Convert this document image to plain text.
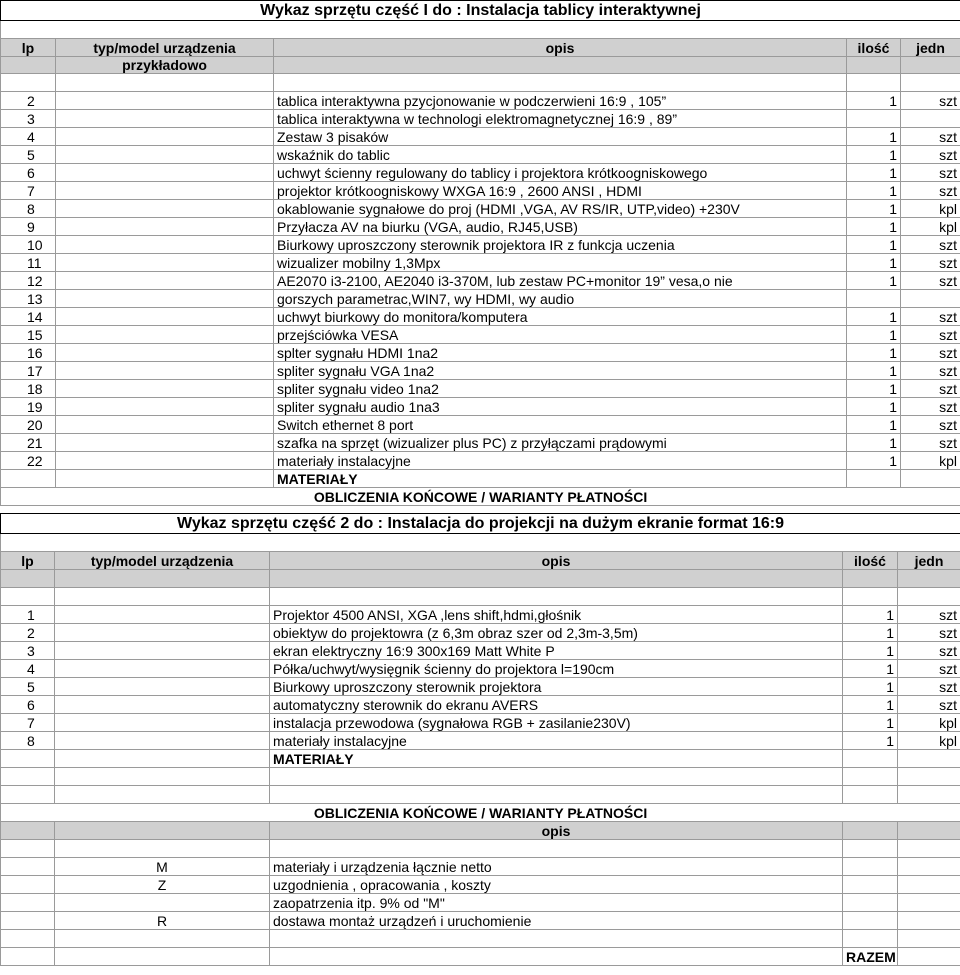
Wykaz sprzętu część I do : Instalacja tablicy interaktywnej				

lp	typ/model urządzenia	opis	ilość	jedn
	przykładowo			

2		tablica interaktywna pzycjonowanie w podczerwieni 16:9 , 105”	1	szt
3		tablica interaktywna w technologi elektromagnetycznej 16:9 , 89”		
4		Zestaw 3 pisaków	1	szt
5		wskaźnik do tablic	1	szt
6		uchwyt ścienny regulowany do tablicy i projektora krótkoogniskowego	1	szt
7		projektor krótkoogniskowy WXGA 16:9 , 2600 ANSI , HDMI	1	szt
8		okablowanie sygnałowe do proj (HDMI ,VGA, AV RS/IR, UTP,video) +230V	1	kpl
9		Przyłacza AV na biurku (VGA, audio, RJ45,USB)	1	kpl
10		Biurkowy uproszczony sterownik projektora IR z funkcja uczenia	1	szt
11		wizualizer mobilny 1,3Mpx	1	szt
12		AE2070 i3-2100, AE2040 i3-370M, lub zestaw PC+monitor 19” vesa,o nie	1	szt
13		gorszych parametrac,WIN7, wy HDMI, wy audio		
14		uchwyt biurkowy do monitora/komputera	1	szt
15		przejściówka VESA	1	szt
16		splter sygnału HDMI 1na2	1	szt
17		spliter sygnału VGA 1na2	1	szt
18		spliter sygnału video 1na2	1	szt
19		spliter sygnału audio 1na3	1	szt
20		Switch ethernet 8 port	1	szt
21		szafka na sprzęt (wizualizer plus PC) z przyłączami prądowymi	1	szt
22		materiały instalacyjne	1	kpl
		MATERIAŁY		
OBLICZENIA KOŃCOWE / WARIANTY PŁATNOŚCI				
Wykaz sprzętu część 2 do : Instalacja do projekcji na dużym ekranie format 16:9				

lp	typ/model urządzenia	opis	ilość	jedn

1		Projektor 4500 ANSI, XGA ,lens shift,hdmi,głośnik	1	szt
2		obiektyw do projektowra (z 6,3m obraz szer od 2,3m-3,5m)	1	szt
3		ekran elektryczny 16:9 300x169 Matt White P	1	szt
4		Półka/uchwyt/wysięgnik ścienny do projektora l=190cm	1	szt
5		Biurkowy uproszczony sterownik projektora	1	szt
6		automatyczny sterownik do ekranu AVERS	1	szt
7		instalacja przewodowa (sygnałowa RGB + zasilanie230V)	1	kpl
8		materiały instalacyjne	1	kpl
		MATERIAŁY		

OBLICZENIA KOŃCOWE / WARIANTY PŁATNOŚCI				
		opis		

	M	materiały i urządzenia łącznie netto		
	Z	uzgodnienia , opracowania , koszty		
		zaopatrzenia itp. 9% od "M"		
	R	dostawa montaż urządzeń i uruchomienie		

			RAZEM	
